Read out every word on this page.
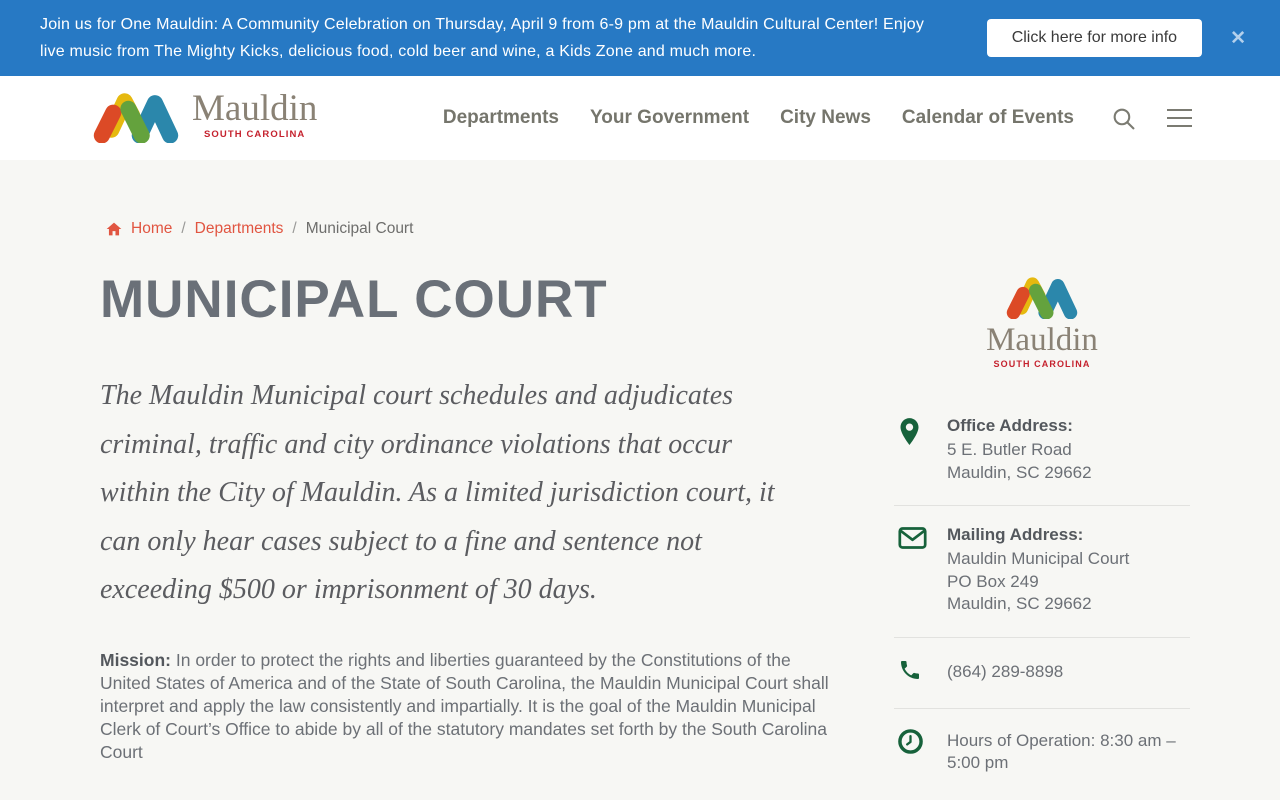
Join us for One Mauldin: A Community Celebration on Thursday, April 9 from 6-9 pm at the Mauldin Cultural Center! Enjoy live music from The Mighty Kicks, delicious food, cold beer and wine, a Kids Zone and much more.
Click here for more info	✕
Mauldin
SOUTH CAROLINA
Departments Your Government City News Calendar of Events
Home / Departments / Municipal Court
MUNICIPAL COURT

The Mauldin Municipal court schedules and adjudicates criminal, traffic and city ordinance violations that occur within the City of Mauldin. As a limited jurisdiction court, it can only hear cases subject to a fine and sentence not exceeding $500 or imprisonment of 30 days.

Mission: In order to protect the rights and liberties guaranteed by the Constitutions of the United States of America and of the State of South Carolina, the Mauldin Municipal Court shall interpret and apply the law consistently and impartially. It is the goal of the Mauldin Municipal Clerk of Court’s Office to abide by all of the statutory mandates set forth by the South Carolina Court

Mauldin
SOUTH CAROLINA
Office Address:
5 E. Butler Road
Mauldin, SC 29662
Mailing Address:
Mauldin Municipal Court
PO Box 249
Mauldin, SC 29662
(864) 289-8898
Hours of Operation: 8:30 am – 5:00 pm
